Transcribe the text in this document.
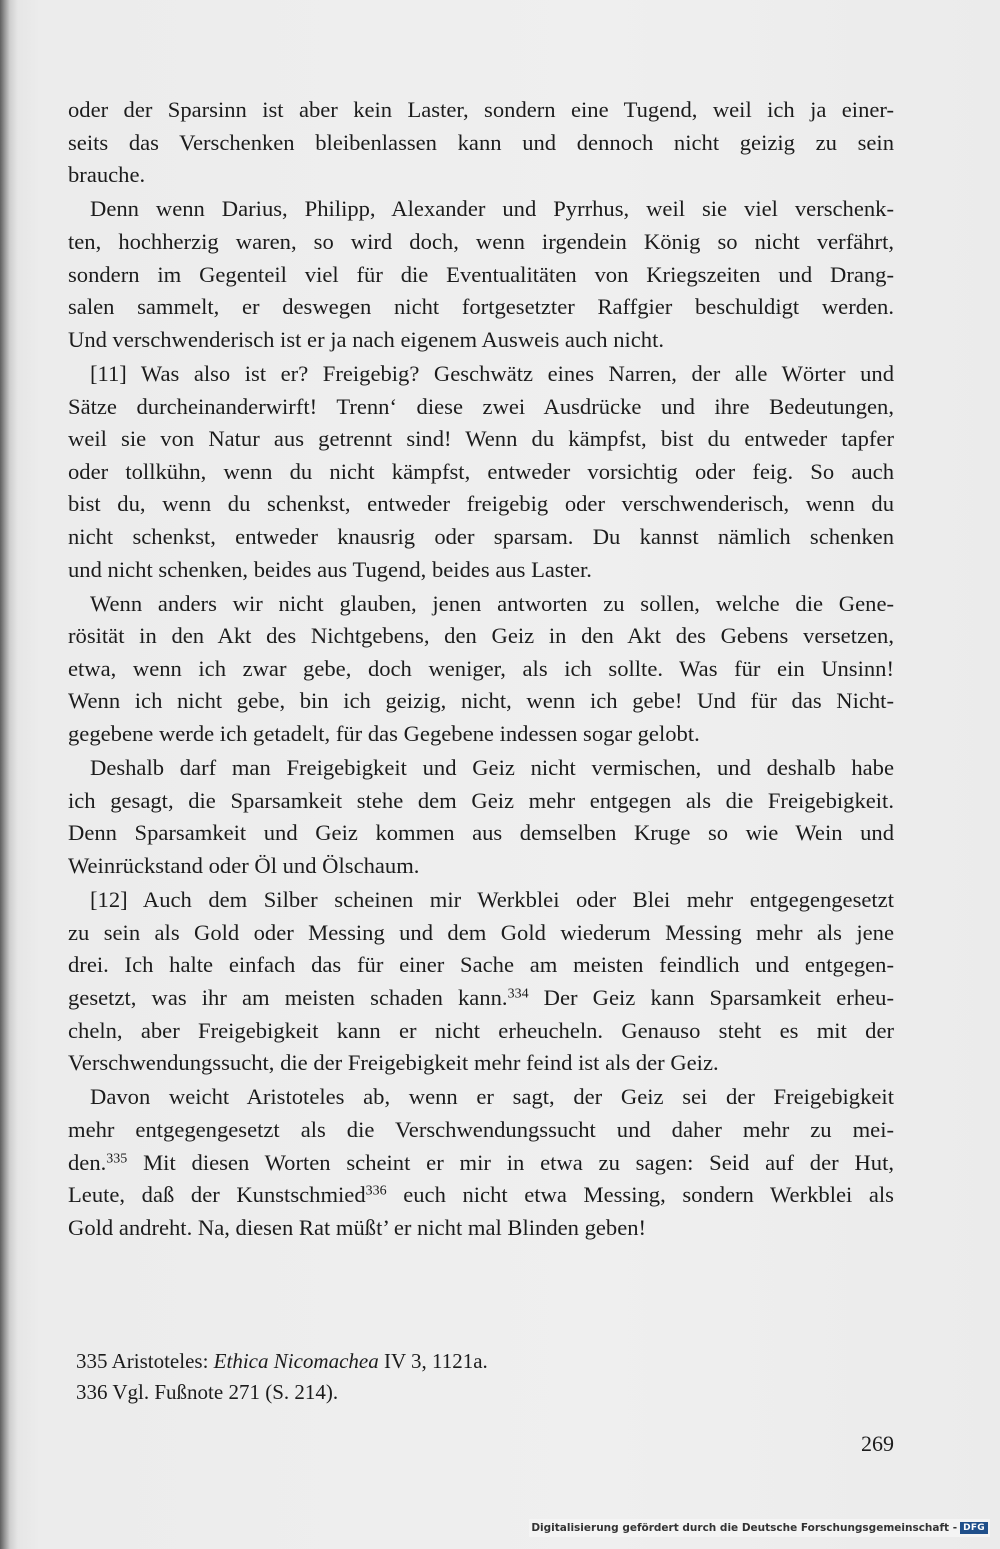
oder der Sparsinn ist aber kein Laster, sondern eine Tugend, weil ich ja einer-
seits das Verschenken bleibenlassen kann und dennoch nicht geizig zu sein
brauche.
Denn wenn Darius, Philipp, Alexander und Pyrrhus, weil sie viel verschenk-
ten, hochherzig waren, so wird doch, wenn irgendein König so nicht verfährt,
sondern im Gegenteil viel für die Eventualitäten von Kriegszeiten und Drang-
salen sammelt, er deswegen nicht fortgesetzter Raffgier beschuldigt werden.
Und verschwenderisch ist er ja nach eigenem Ausweis auch nicht.
[11] Was also ist er? Freigebig? Geschwätz eines Narren, der alle Wörter und
Sätze durcheinanderwirft! Trenn‘ diese zwei Ausdrücke und ihre Bedeutungen,
weil sie von Natur aus getrennt sind! Wenn du kämpfst, bist du entweder tapfer
oder tollkühn, wenn du nicht kämpfst, entweder vorsichtig oder feig. So auch
bist du, wenn du schenkst, entweder freigebig oder verschwenderisch, wenn du
nicht schenkst, entweder knausrig oder sparsam. Du kannst nämlich schenken
und nicht schenken, beides aus Tugend, beides aus Laster.
Wenn anders wir nicht glauben, jenen antworten zu sollen, welche die Gene-
rösität in den Akt des Nichtgebens, den Geiz in den Akt des Gebens versetzen,
etwa, wenn ich zwar gebe, doch weniger, als ich sollte. Was für ein Unsinn!
Wenn ich nicht gebe, bin ich geizig, nicht, wenn ich gebe! Und für das Nicht-
gegebene werde ich getadelt, für das Gegebene indessen sogar gelobt.
Deshalb darf man Freigebigkeit und Geiz nicht vermischen, und deshalb habe
ich gesagt, die Sparsamkeit stehe dem Geiz mehr entgegen als die Freigebigkeit.
Denn Sparsamkeit und Geiz kommen aus demselben Kruge so wie Wein und
Weinrückstand oder Öl und Ölschaum.
[12] Auch dem Silber scheinen mir Werkblei oder Blei mehr entgegengesetzt
zu sein als Gold oder Messing und dem Gold wiederum Messing mehr als jene
drei. Ich halte einfach das für einer Sache am meisten feindlich und entgegen-
gesetzt, was ihr am meisten schaden kann.$^{334}$ Der Geiz kann Sparsamkeit erheu-
cheln, aber Freigebigkeit kann er nicht erheucheln. Genauso steht es mit der
Verschwendungssucht, die der Freigebigkeit mehr feind ist als der Geiz.
Davon weicht Aristoteles ab, wenn er sagt, der Geiz sei der Freigebigkeit
mehr entgegengesetzt als die Verschwendungssucht und daher mehr zu mei-
den.$^{335}$ Mit diesen Worten scheint er mir in etwa zu sagen: Seid auf der Hut,
Leute, daß der Kunstschmied$^{336}$ euch nicht etwa Messing, sondern Werkblei als
Gold andreht. Na, diesen Rat müßt’ er nicht mal Blinden geben!
335 Aristoteles: Ethica Nicomachea IV 3, 1121a.
336 Vgl. Fußnote 271 (S. 214).
269
Digitalisierung gefördert durch die Deutsche Forschungsgemeinschaft - DFG
